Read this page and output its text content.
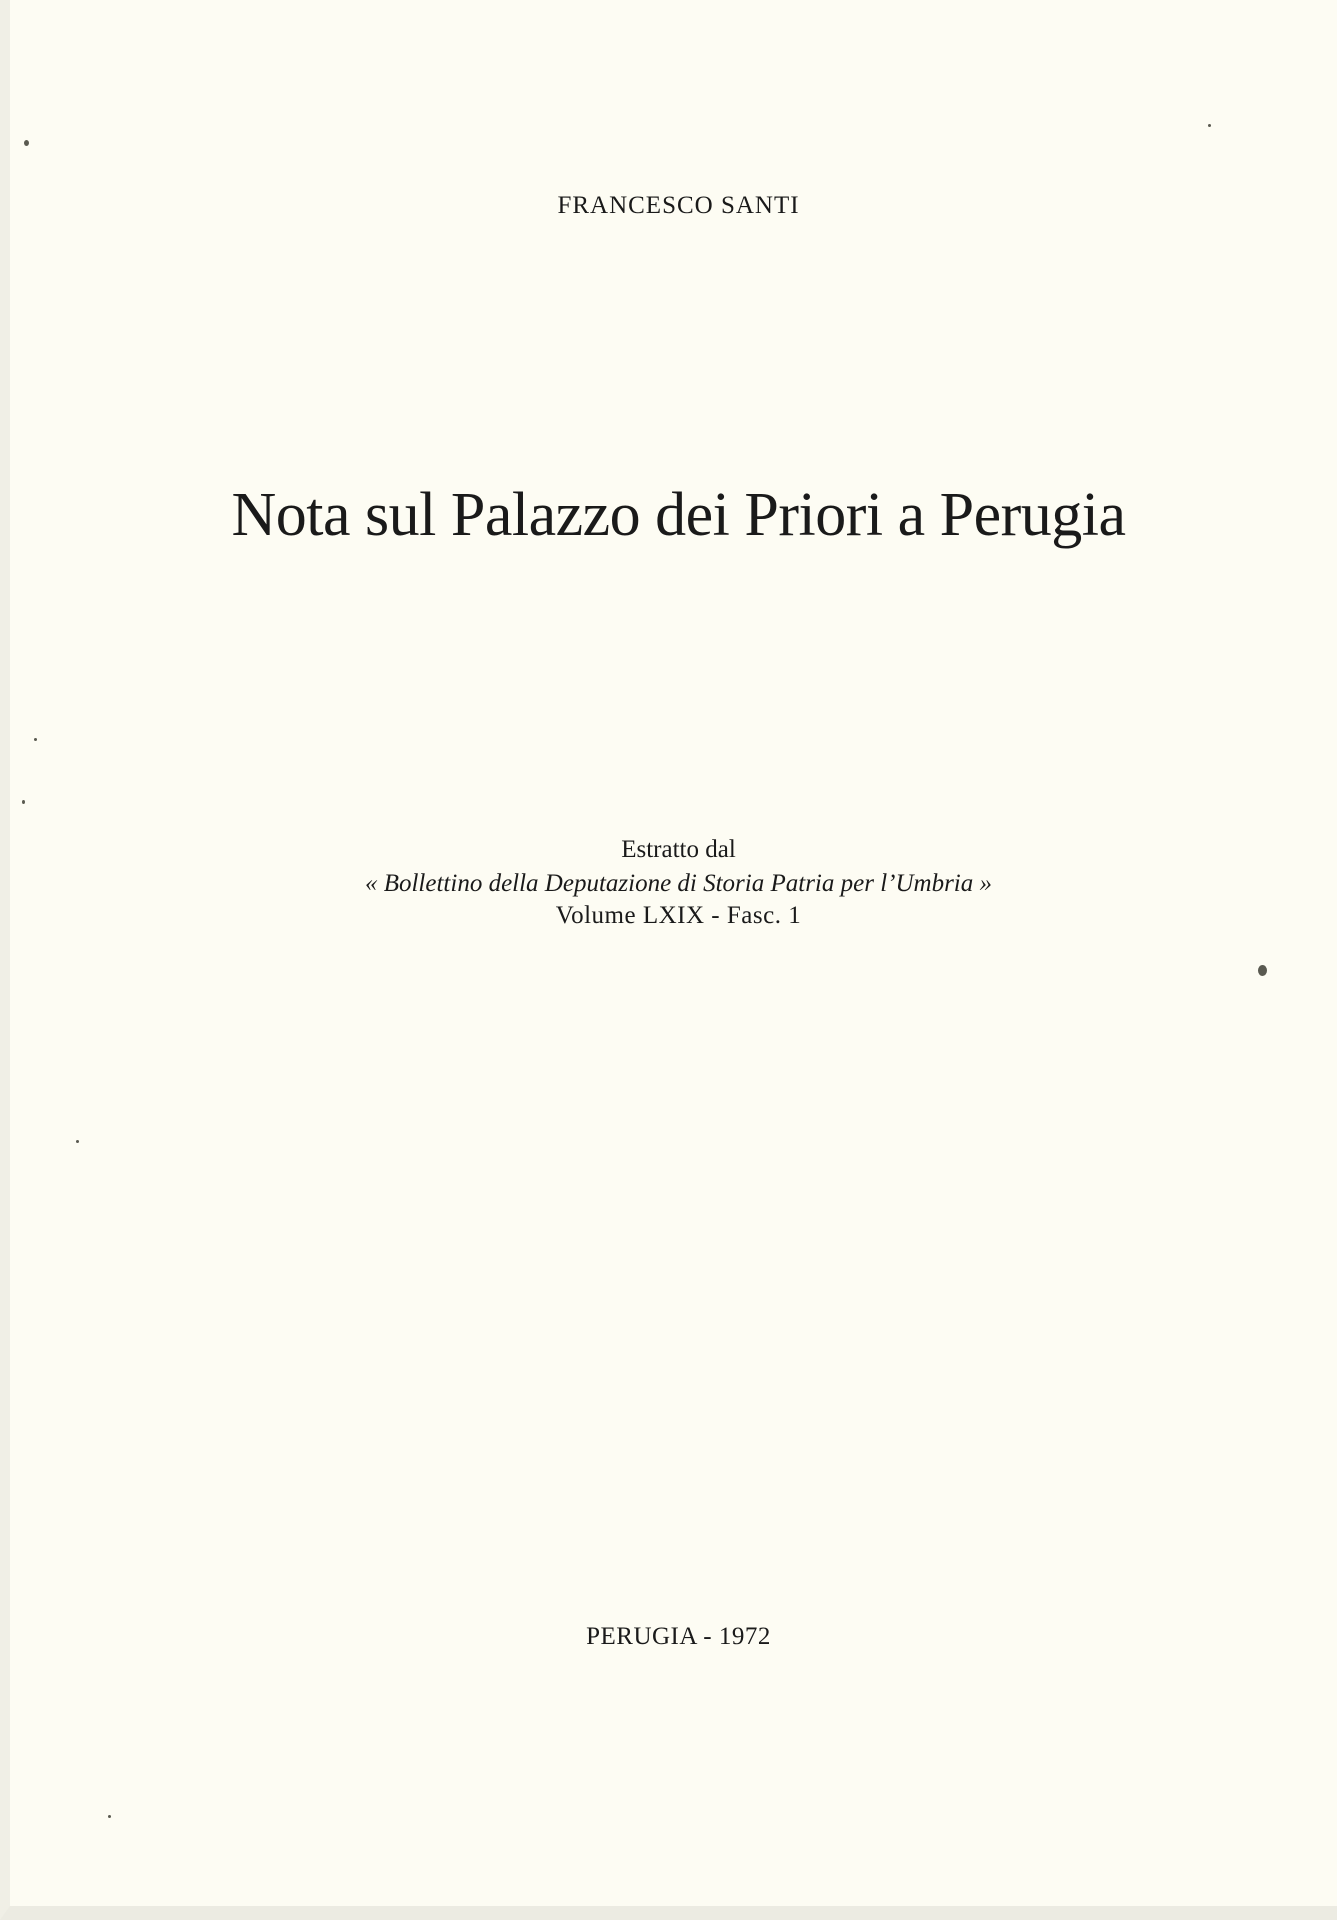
FRANCESCO SANTI
Nota sul Palazzo dei Priori a Perugia
Estratto dal
« Bollettino della Deputazione di Storia Patria per l’Umbria »
Volume LXIX - Fasc. 1
PERUGIA - 1972
